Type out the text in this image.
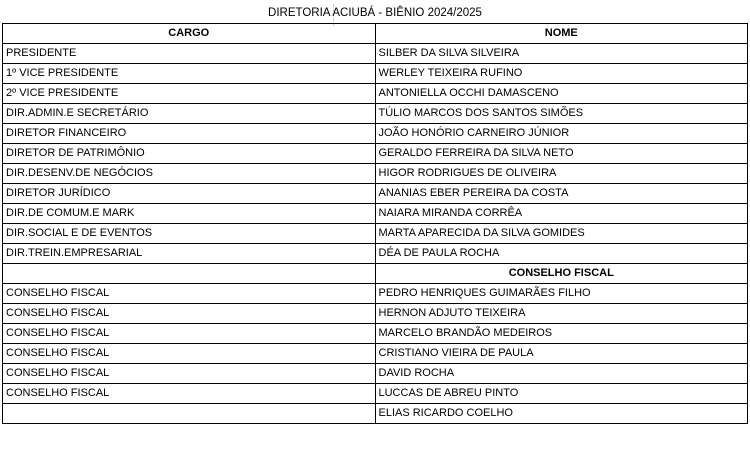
DIRETORIA ACIUBÁ - BIÊNIO 2024/2025	
CARGO	NOME
PRESIDENTE	SILBER DA SILVA SILVEIRA
1º VICE PRESIDENTE	WERLEY TEIXEIRA RUFINO
2º VICE PRESIDENTE	ANTONIELLA OCCHI DAMASCENO
DIR.ADMIN.E SECRETÁRIO	TÚLIO MARCOS DOS SANTOS SIMÕES
DIRETOR FINANCEIRO	JOÃO HONÓRIO CARNEIRO JÚNIOR
DIRETOR DE PATRIMÔNIO	GERALDO FERREIRA DA SILVA NETO
DIR.DESENV.DE NEGÓCIOS	HIGOR RODRIGUES DE OLIVEIRA
DIRETOR JURÍDICO	ANANIAS EBER PEREIRA DA COSTA
DIR.DE COMUM.E MARK	NAIARA MIRANDA CORRÊA
DIR.SOCIAL E DE EVENTOS	MARTA APARECIDA DA SILVA GOMIDES
DIR.TREIN.EMPRESARIAL	DÉA DE PAULA ROCHA
	CONSELHO FISCAL
CONSELHO FISCAL	PEDRO HENRIQUES GUIMARÃES FILHO
CONSELHO FISCAL	HERNON ADJUTO TEIXEIRA
CONSELHO FISCAL	MARCELO BRANDÃO MEDEIROS
CONSELHO FISCAL	CRISTIANO VIEIRA DE PAULA
CONSELHO FISCAL	DAVID ROCHA
CONSELHO FISCAL	LUCCAS DE ABREU PINTO
	ELIAS RICARDO COELHO
